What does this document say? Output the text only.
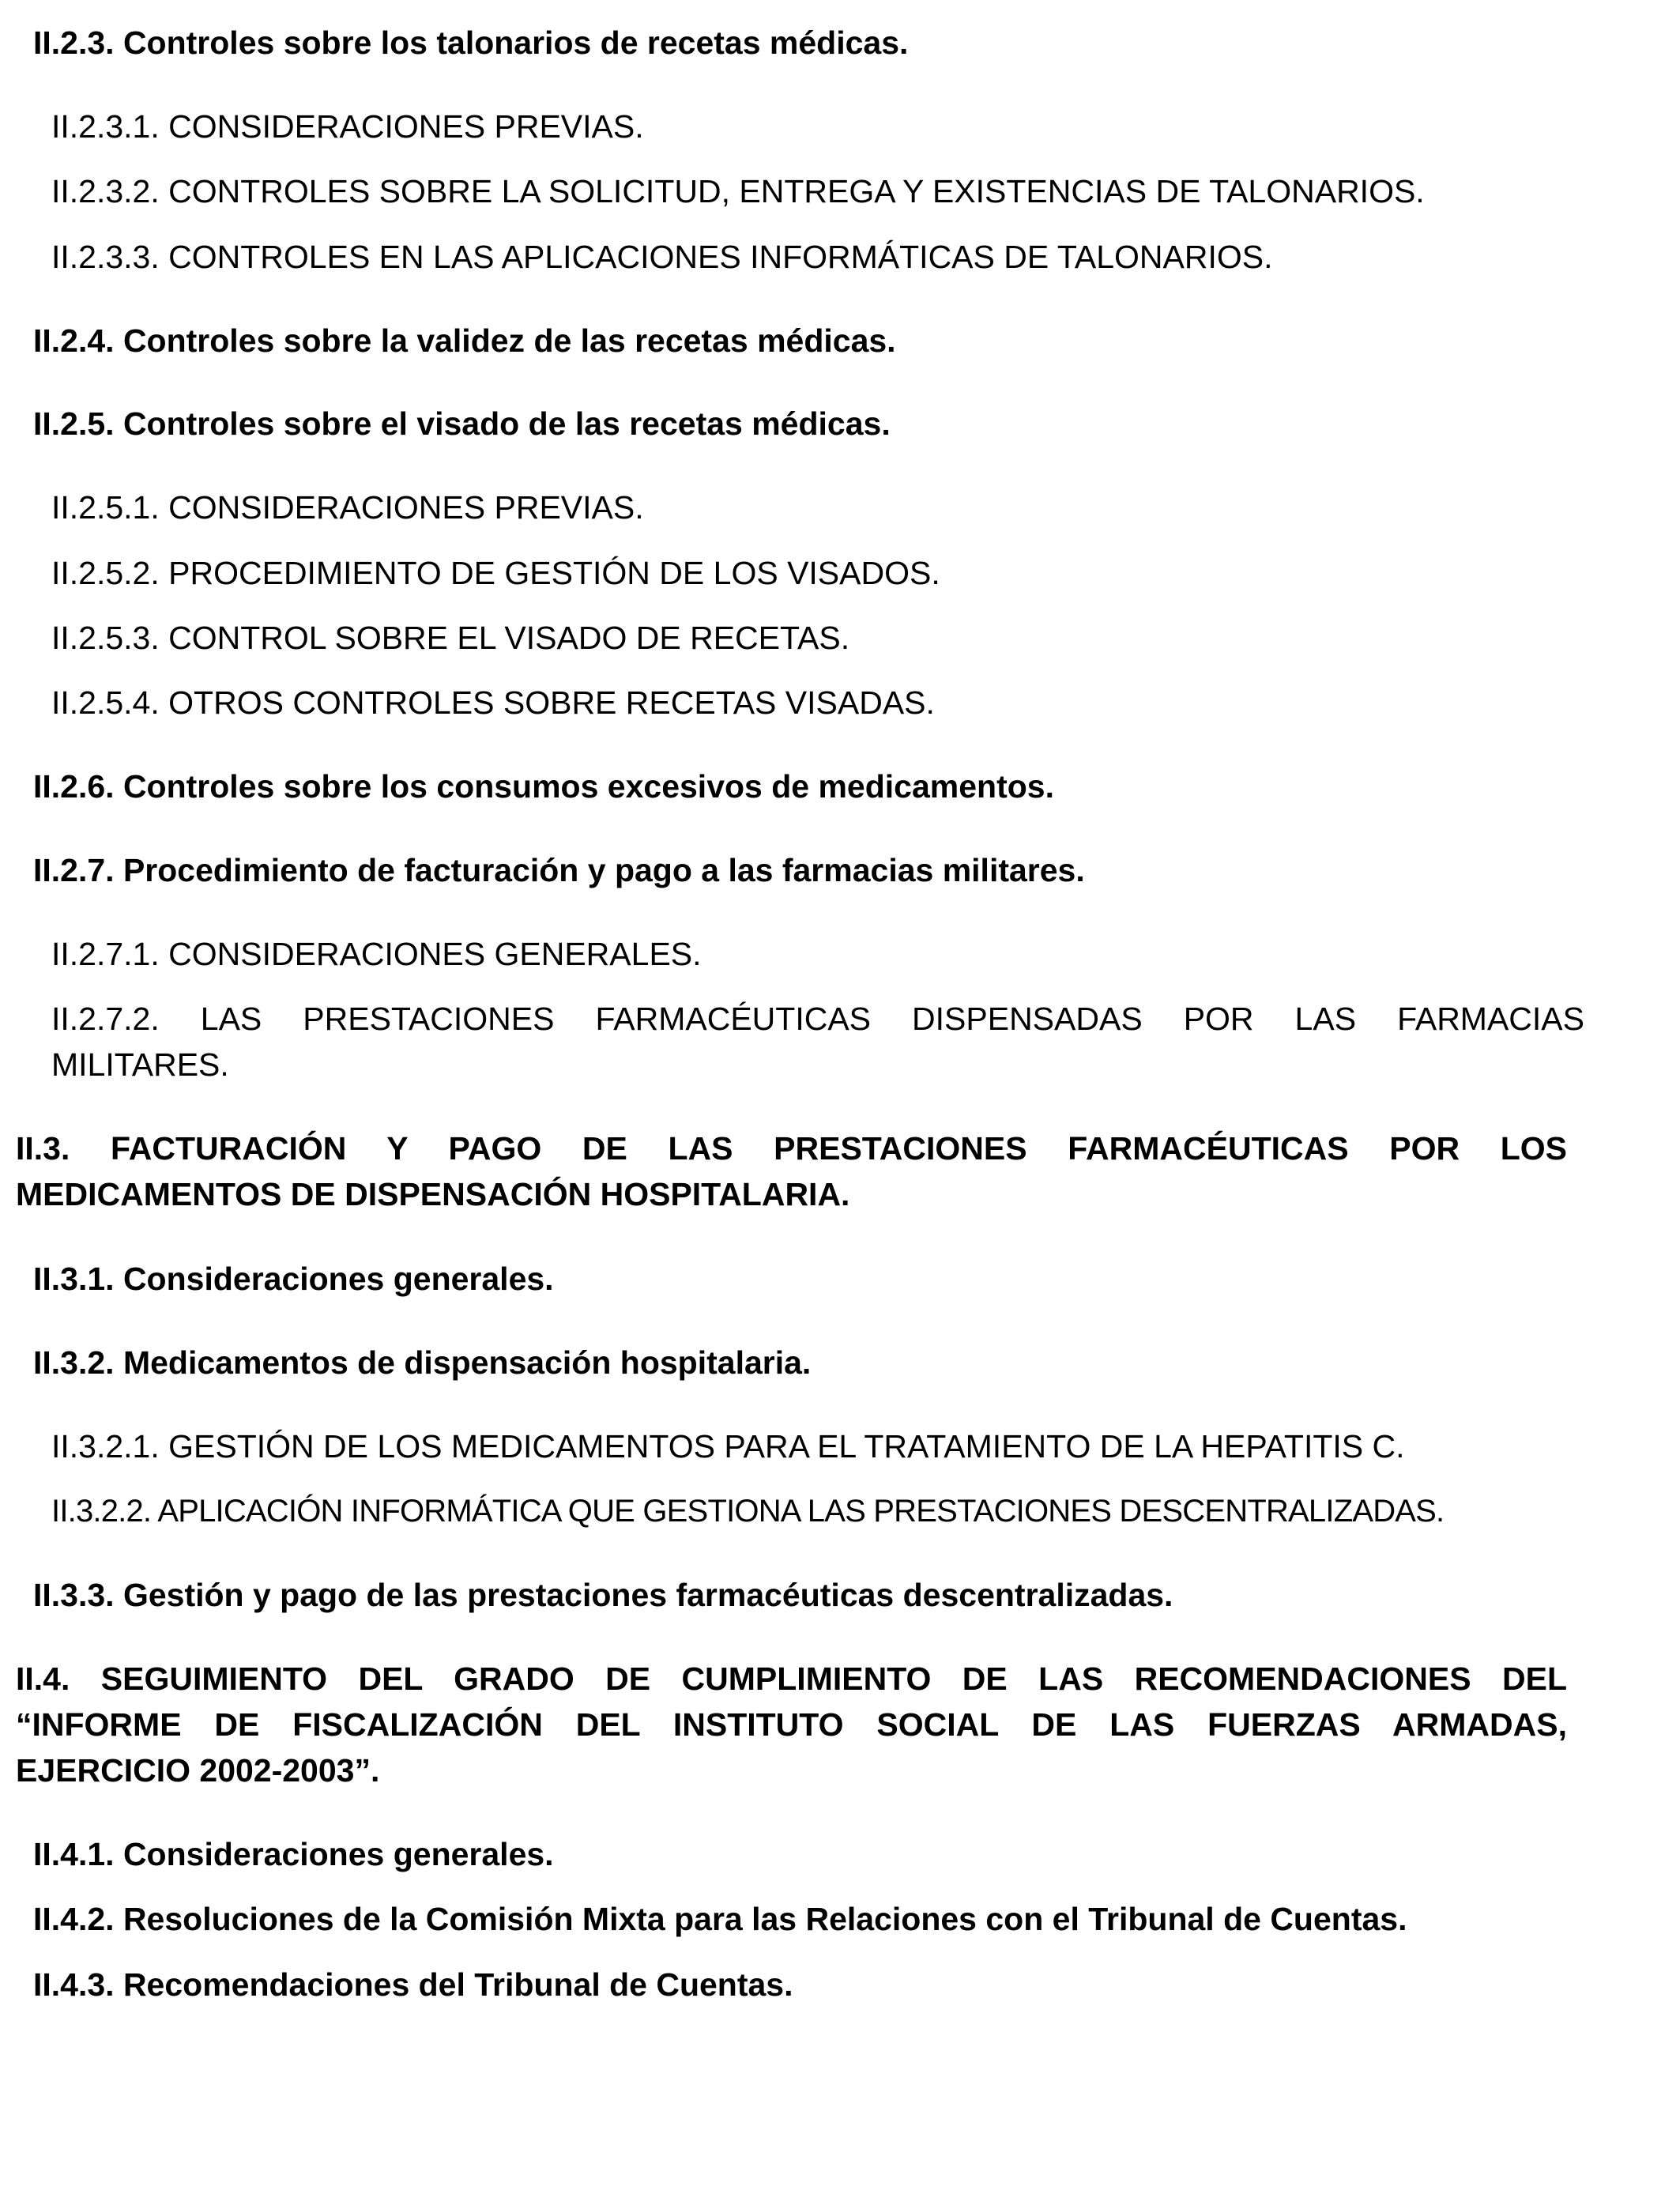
II.2.3. Controles sobre los talonarios de recetas médicas.

II.2.3.1. CONSIDERACIONES PREVIAS.

II.2.3.2. CONTROLES SOBRE LA SOLICITUD, ENTREGA Y EXISTENCIAS DE TALONARIOS.

II.2.3.3. CONTROLES EN LAS APLICACIONES INFORMÁTICAS DE TALONARIOS.

II.2.4. Controles sobre la validez de las recetas médicas.

II.2.5. Controles sobre el visado de las recetas médicas.

II.2.5.1. CONSIDERACIONES PREVIAS.

II.2.5.2. PROCEDIMIENTO DE GESTIÓN DE LOS VISADOS.

II.2.5.3. CONTROL SOBRE EL VISADO DE RECETAS.

II.2.5.4. OTROS CONTROLES SOBRE RECETAS VISADAS.

II.2.6. Controles sobre los consumos excesivos de medicamentos.

II.2.7. Procedimiento de facturación y pago a las farmacias militares.

II.2.7.1. CONSIDERACIONES GENERALES.

II.2.7.2. LAS PRESTACIONES FARMACÉUTICAS DISPENSADAS POR LAS FARMACIAS

MILITARES.

II.3. FACTURACIÓN Y PAGO DE LAS PRESTACIONES FARMACÉUTICAS POR LOS

MEDICAMENTOS DE DISPENSACIÓN HOSPITALARIA.

II.3.1. Consideraciones generales.

II.3.2. Medicamentos de dispensación hospitalaria.

II.3.2.1. GESTIÓN DE LOS MEDICAMENTOS PARA EL TRATAMIENTO DE LA HEPATITIS C.

II.3.2.2. APLICACIÓN INFORMÁTICA QUE GESTIONA LAS PRESTACIONES DESCENTRALIZADAS.

II.3.3. Gestión y pago de las prestaciones farmacéuticas descentralizadas.

II.4. SEGUIMIENTO DEL GRADO DE CUMPLIMIENTO DE LAS RECOMENDACIONES DEL

“INFORME DE FISCALIZACIÓN DEL INSTITUTO SOCIAL DE LAS FUERZAS ARMADAS,

EJERCICIO 2002-2003”.

II.4.1. Consideraciones generales.

II.4.2. Resoluciones de la Comisión Mixta para las Relaciones con el Tribunal de Cuentas.

II.4.3. Recomendaciones del Tribunal de Cuentas.
